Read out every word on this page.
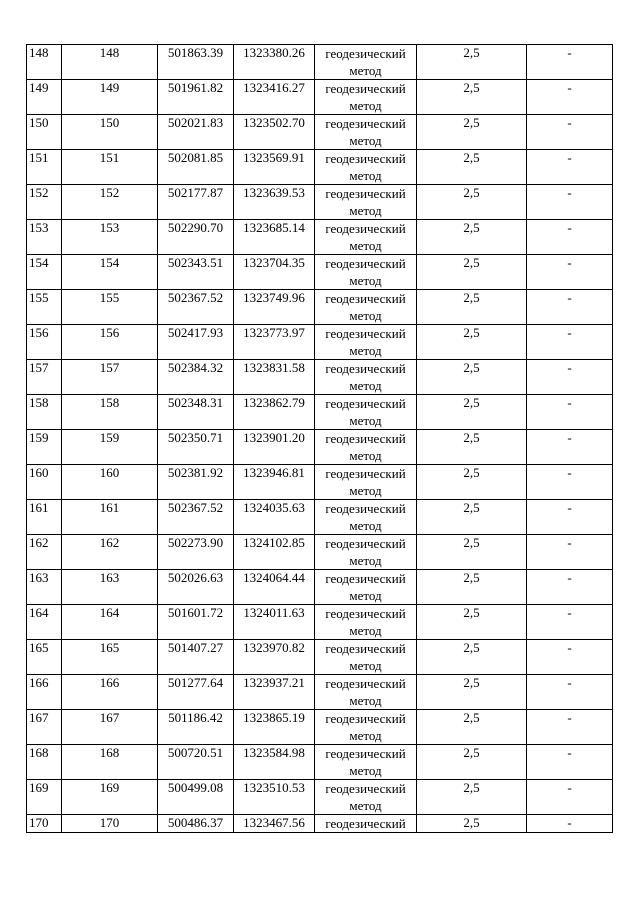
148	148	501863.39	1323380.26	геодезический
метод	2,5	-
149	149	501961.82	1323416.27	геодезический
метод	2,5	-
150	150	502021.83	1323502.70	геодезический
метод	2,5	-
151	151	502081.85	1323569.91	геодезический
метод	2,5	-
152	152	502177.87	1323639.53	геодезический
метод	2,5	-
153	153	502290.70	1323685.14	геодезический
метод	2,5	-
154	154	502343.51	1323704.35	геодезический
метод	2,5	-
155	155	502367.52	1323749.96	геодезический
метод	2,5	-
156	156	502417.93	1323773.97	геодезический
метод	2,5	-
157	157	502384.32	1323831.58	геодезический
метод	2,5	-
158	158	502348.31	1323862.79	геодезический
метод	2,5	-
159	159	502350.71	1323901.20	геодезический
метод	2,5	-
160	160	502381.92	1323946.81	геодезический
метод	2,5	-
161	161	502367.52	1324035.63	геодезический
метод	2,5	-
162	162	502273.90	1324102.85	геодезический
метод	2,5	-
163	163	502026.63	1324064.44	геодезический
метод	2,5	-
164	164	501601.72	1324011.63	геодезический
метод	2,5	-
165	165	501407.27	1323970.82	геодезический
метод	2,5	-
166	166	501277.64	1323937.21	геодезический
метод	2,5	-
167	167	501186.42	1323865.19	геодезический
метод	2,5	-
168	168	500720.51	1323584.98	геодезический
метод	2,5	-
169	169	500499.08	1323510.53	геодезический
метод	2,5	-
170	170	500486.37	1323467.56	геодезический	2,5	-
